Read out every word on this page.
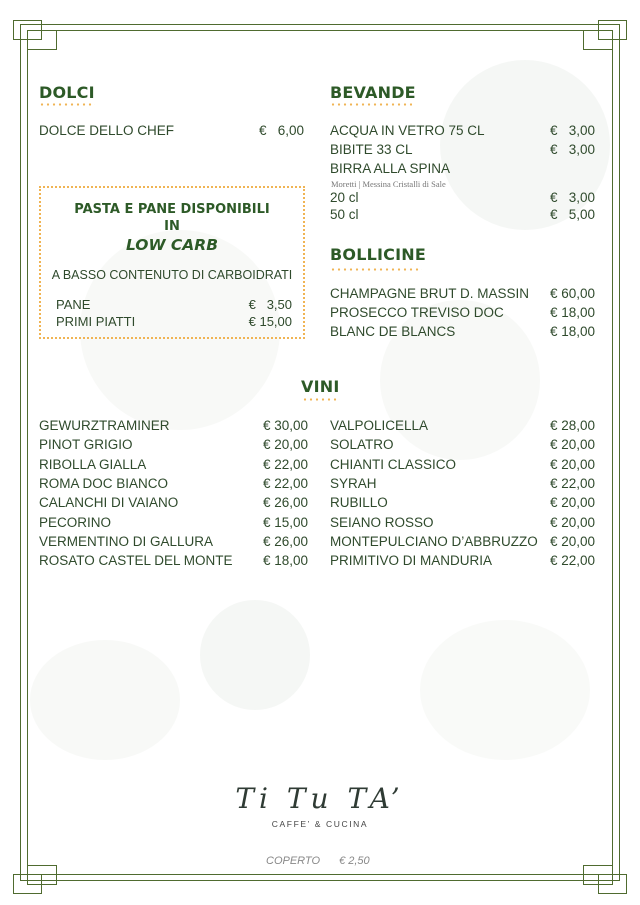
DOLCI
DOLCE DELLO CHEF	€   6,00
PASTA E PANE DISPONIBILI
IN
LOW CARB
A BASSO CONTENUTO DI CARBOIDRATI
PANE	€   3,50
PRIMI PIATTI	€ 15,00
BEVANDE
ACQUA IN VETRO 75 CL	€   3,00
BIBITE 33 CL	€   3,00
BIRRA ALLA SPINA
Moretti | Messina Cristalli di Sale
20 cl	€   3,00
50 cl	€   5,00
BOLLICINE
CHAMPAGNE BRUT D. MASSIN € 60,00
PROSECCO TREVISO DOC	€ 18,00
BLANC DE BLANCS	€ 18,00
VINI
GEWURZTRAMINER	€ 30,00
PINOT GRIGIO	€ 20,00
RIBOLLA GIALLA	€ 22,00
ROMA DOC BIANCO	€ 22,00
CALANCHI DI VAIANO	€ 26,00
PECORINO	€ 15,00
VERMENTINO DI GALLURA	€ 26,00
ROSATO CASTEL DEL MONTE € 18,00
VALPOLICELLA	€ 28,00
SOLATRO	€ 20,00
CHIANTI CLASSICO	€ 20,00
SYRAH	€ 22,00
RUBILLO	€ 20,00
SEIANO ROSSO	€ 20,00
MONTEPULCIANO D’ABBRUZZO € 20,00
PRIMITIVO DI MANDURIA	€ 22,00
Ti Tu TA’
CAFFE’ & CUCINA
COPERTO € 2,50
